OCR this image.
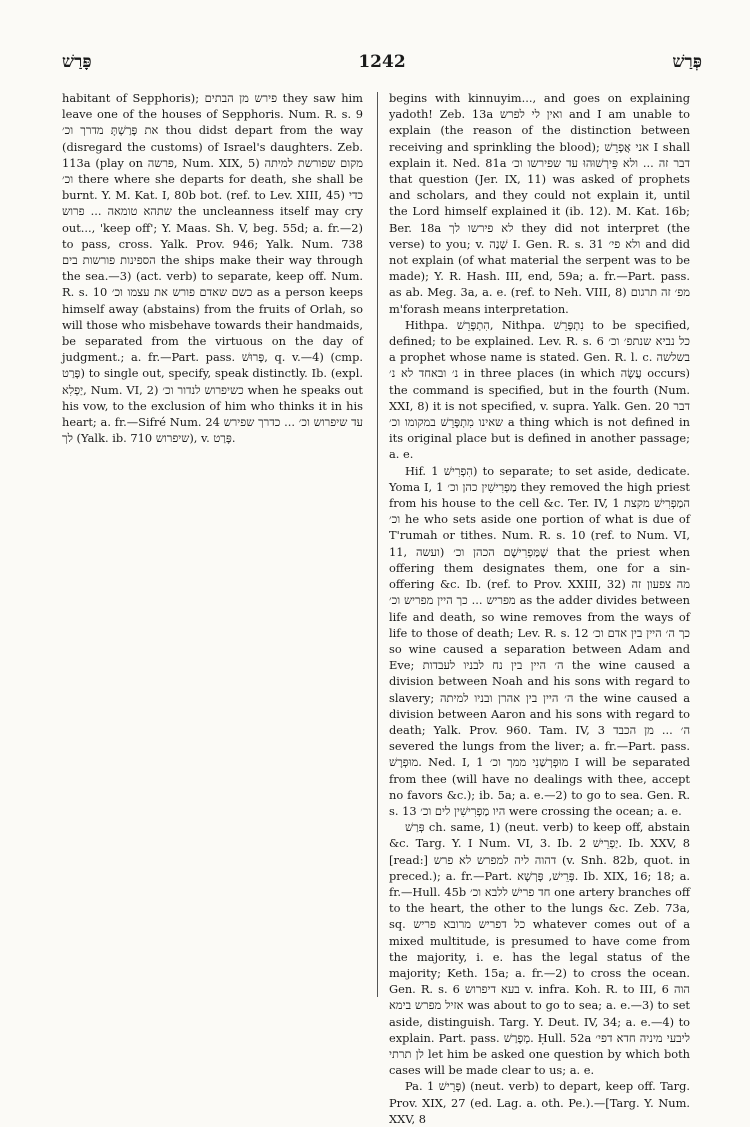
1242
פָּרַשׁ	פְּרַשׁ

habitant of Sepphoris); פירש מן הבתים they saw him leave one of the houses of Sepphoris. Num. R. s. 9 את פָּרַשְׁתָּ מדרך וכ׳ thou didst depart from the way (disregard the customs) of Israel's daughters. Zeb. 113a (play on פרשה, Num. XIX, 5) מקום שפורשת למיתה וכ׳ there where she departs for death, she shall be burnt. Y. M. Kat. I, 80b bot. (ref. to Lev. XIII, 45) כדי שתהא טומאה ... פרוש the uncleanness itself may cry out..., 'keep off'; Y. Maas. Sh. V, beg. 55d; a. fr.—2) to pass, cross. Yalk. Prov. 946; Yalk. Num. 738 הספינות פורשות בים the ships make their way through the sea.—3) (act. verb) to separate, keep off. Num. R. s. 10 כשם שאדם פורש את עצמו וכ׳ as a person keeps himself away (abstains) from the fruits of Orlah, so will those who misbehave towards their handmaids, be separated from the virtuous on the day of judgment.; a. fr.—Part. pass. פָּרוּשׁ, q. v.—4) (cmp. פָּרַט) to single out, specify, speak distinctly. Ib. (expl. יַפְלִא, Num. VI, 2) כשיפרוש לנדור וכ׳ when he speaks out his vow, to the exclusion of him who thinks it in his heart; a. fr.—Sifré Num. 24 עד שיפרוש וכ׳ ... כדרך שפירש לך (Yalk. ib. 710 שיפרוש), v. פָּרַט.

begins with kinnuyim..., and goes on explaining yadoth! Zeb. 13a ואין לי לפרש and I am unable to explain (the reason of the distinction between receiving and sprinkling the blood); אני אֲפָרֵשׁ I shall explain it. Ned. 81a דבר זה ... ולא פֵּירְשׁוּהוּ עד שפירשו וכ׳ that question (Jer. IX, 11) was asked of prophets and scholars, and they could not explain it, until the Lord himself explained it (ib. 12). M. Kat. 16b; Ber. 18a לא פירשו לך they did not interpret (the verse) to you; v. שָׁנַה I. Gen. R. s. 31 ולא פי׳ and did not explain (of what material the serpent was to be made); Y. R. Hash. III, end, 59a; a. fr.—Part. pass. as ab. Meg. 3a, a. e. (ref. to Neh. VIII, 8) מפ׳ זה תרגום m'forash means interpretation.

Hithpa. הִתְפָּרֵשׁ, Nithpa. נִתְפָּרֵשׁ to be specified, defined; to be explained. Lev. R. s. 6 כל נביא שנתפ׳ וכ׳ a prophet whose name is stated. Gen. R. l. c. בשלשה נ׳ ובאחד לא נ׳ in three places (in which עֲשֶׂה occurs) the command is specified, but in the fourth (Num. XXI, 8) it is not specified, v. supra. Yalk. Gen. 20 דבר שאינו מִתְפָּרֵשׁ במקומו וכ׳ a thing which is not defined in its original place but is defined in another passage; a. e.

Hif. הִפְרִישׁ 1) to separate; to set aside, dedicate. Yoma I, 1 מַפְרִישִׁין כהן וכ׳ they removed the high priest from his house to the cell &c. Ter. IV, 1 המַפְרִישׁ מקצת וכ׳ he who sets aside one portion of what is due of T'rumah or tithes. Num. R. s. 10 (ref. to Num. VI, 11, ועשה) שֶׁמַּפְרִישָׁם הכהן וכ׳ that the priest when offering them designates them, one for a sin-offering &c. Ib. (ref. to Prov. XXIII, 32) מה צפעון זה מפריש ... כך היין מפריש וכ׳ as the adder divides between life and death, so wine removes from the ways of life to those of death; Lev. R. s. 12 כך ה׳ היין בין אדם וכ׳ so wine caused a separation between Adam and Eve; ה׳ היין בין נח לבניו לעבדות the wine caused a division between Noah and his sons with regard to slavery; ה׳ היין בין אהרן ובניו למיתה the wine caused a division between Aaron and his sons with regard to death; Yalk. Prov. 960. Tam. IV, 3 ה׳ ... מן הכבד severed the lungs from the liver; a. fr.—Part. pass. מוּפְרָשׁ. Ned. I, 1 מוּפְרְשַׁנִי ממך וכ׳ I will be separated from thee (will have no dealings with thee, accept no favors &c.); ib. 5a; a. e.—2) to go to sea. Gen. R. s. 13 היו מַפְרִישִׁין לים וכ׳ were crossing the ocean; a. e.

פְּרַשׁ ch. same, 1) (neut. verb) to keep off, abstain &c. Targ. Y. I Num. VI, 3. Ib. 2 יַפְרֵישׁ. Ib. XXV, 8 [read:] דהוה ליה למפרש לא פרש (v. Snh. 82b, quot. in preced.); a. fr.—Part. פָּרֵישׁ, פָּרְשָׁא. Ib. XIX, 16; 18; a. fr.—Hull. 45b חד פרישׁ ללבא וכ׳ one artery branches off to the heart, the other to the lungs &c. Zeb. 73a, sq. כל דפריש מרובא פריש whatever comes out of a mixed multitude, is presumed to have come from the majority, i. e. has the legal status of the majority; Keth. 15a; a. fr.—2) to cross the ocean. Gen. R. s. 6 בעא דיפרוש v. infra. Koh. R. to III, 6 הוה אזיל מפרש בימא was about to go to sea; a. e.—3) to set aside, distinguish. Targ. Y. Deut. IV, 34; a. e.—4) to explain. Part. pass. מְפָרַשׁ. Ḥull. 52a ליבעי מיניה חדא דפי׳ לן תרתי let him be asked one question by which both cases will be made clear to us; a. e.

Pa. פָּרֵישׁ 1) (neut. verb) to depart, keep off. Targ. Prov. XIX, 27 (ed. Lag. a. oth. Pe.).—[Targ. Y. Num. XXV, 8
